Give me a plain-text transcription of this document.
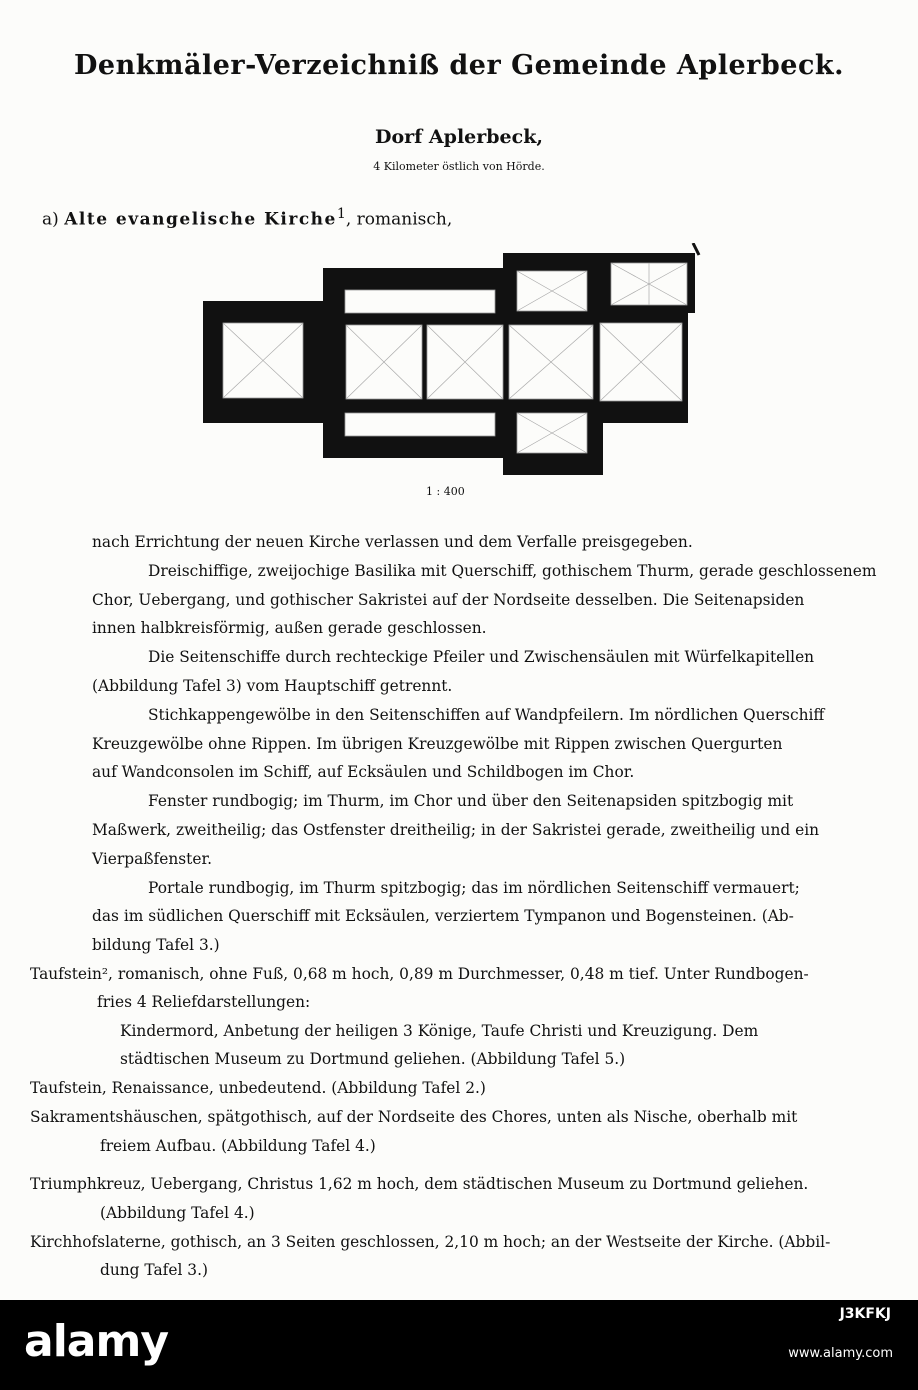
Denkmäler-Verzeichniß der Gemeinde Aplerbeck.
Dorf Aplerbeck,
4 Kilometer östlich von Hörde.
a) Alte evangelische Kirche$^1$, romanisch,
1 : 400
nach Errichtung der neuen Kirche verlassen und dem Verfalle preisgegeben.
Dreischiffige, zweijochige Basilika mit Querschiff, gothischem Thurm, gerade geschlossenem
Chor, Uebergang, und gothischer Sakristei auf der Nordseite desselben. Die Seitenapsiden
innen halbkreisförmig, außen gerade geschlossen.
Die Seitenschiffe durch rechteckige Pfeiler und Zwischensäulen mit Würfelkapitellen
(Abbildung Tafel 3) vom Hauptschiff getrennt.
Stichkappengewölbe in den Seitenschiffen auf Wandpfeilern. Im nördlichen Querschiff
Kreuzgewölbe ohne Rippen. Im übrigen Kreuzgewölbe mit Rippen zwischen Quergurten
auf Wandconsolen im Schiff, auf Ecksäulen und Schildbogen im Chor.
Fenster rundbogig; im Thurm, im Chor und über den Seitenapsiden spitzbogig mit
Maßwerk, zweitheilig; das Ostfenster dreitheilig; in der Sakristei gerade, zweitheilig und ein
Vierpaßfenster.
Portale rundbogig, im Thurm spitzbogig; das im nördlichen Seitenschiff vermauert;
das im südlichen Querschiff mit Ecksäulen, verziertem Tympanon und Bogensteinen. (Ab-
bildung Tafel 3.)
Taufstein², romanisch, ohne Fuß, 0,68 m hoch, 0,89 m Durchmesser, 0,48 m tief. Unter Rundbogen-
fries 4 Reliefdarstellungen:
Kindermord, Anbetung der heiligen 3 Könige, Taufe Christi und Kreuzigung. Dem
städtischen Museum zu Dortmund geliehen. (Abbildung Tafel 5.)
Taufstein, Renaissance, unbedeutend. (Abbildung Tafel 2.)
Sakramentshäuschen, spätgothisch, auf der Nordseite des Chores, unten als Nische, oberhalb mit
freiem Aufbau. (Abbildung Tafel 4.)
Triumphkreuz, Uebergang, Christus 1,62 m hoch, dem städtischen Museum zu Dortmund geliehen.
(Abbildung Tafel 4.)
Kirchhofslaterne, gothisch, an 3 Seiten geschlossen, 2,10 m hoch; an der Westseite der Kirche. (Abbil-
dung Tafel 3.)
alamy
J3KFKJ
www.alamy.com
